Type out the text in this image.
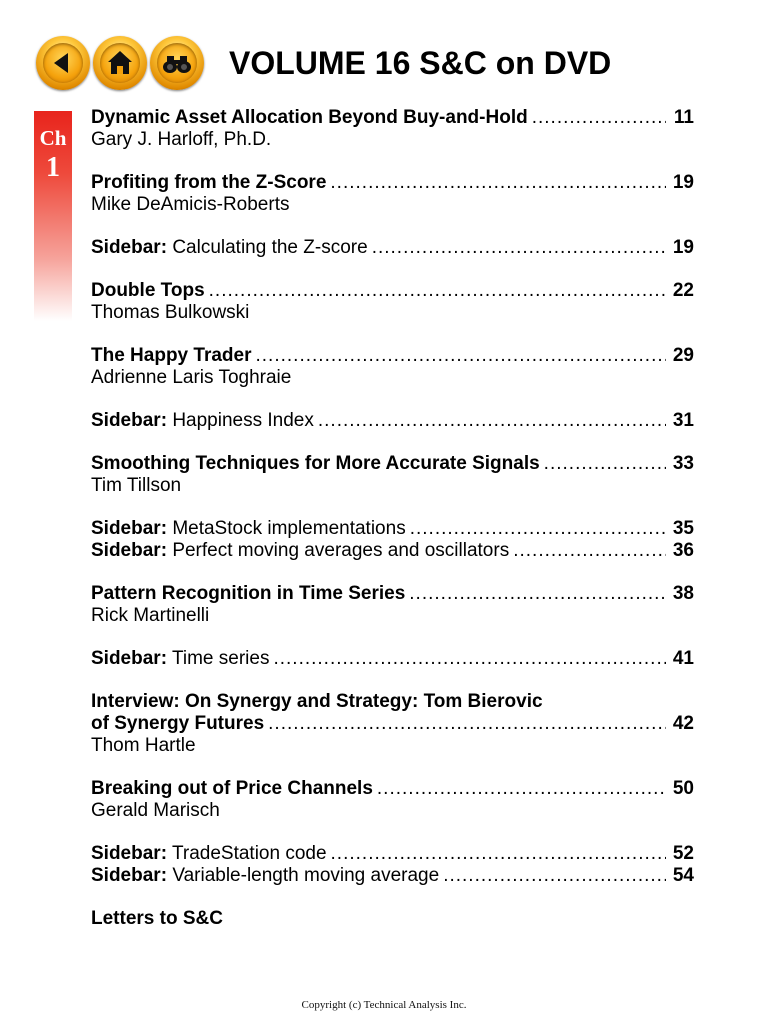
VOLUME 16 S&C on DVD
Ch
1
Dynamic Asset Allocation Beyond Buy-and-Hold .....	11
Gary J. Harloff, Ph.D.
Profiting from the Z-Score .....	19
Mike DeAmicis-Roberts
Sidebar: Calculating the Z-score .....	19
Double Tops .....	22
Thomas Bulkowski
The Happy Trader .....	29
Adrienne Laris Toghraie
Sidebar: Happiness Index .....	31
Smoothing Techniques for More Accurate Signals .....	33
Tim Tillson
Sidebar: MetaStock implementations .....	35
Sidebar: Perfect moving averages and oscillators .....	36
Pattern Recognition in Time Series .....	38
Rick Martinelli
Sidebar: Time series .....	41
Interview: On Synergy and Strategy: Tom Bierovic
of Synergy Futures .....	42
Thom Hartle
Breaking out of Price Channels .....	50
Gerald Marisch
Sidebar: TradeStation code .....	52
Sidebar: Variable-length moving average .....	54
Letters to S&C
Copyright (c) Technical Analysis Inc.
